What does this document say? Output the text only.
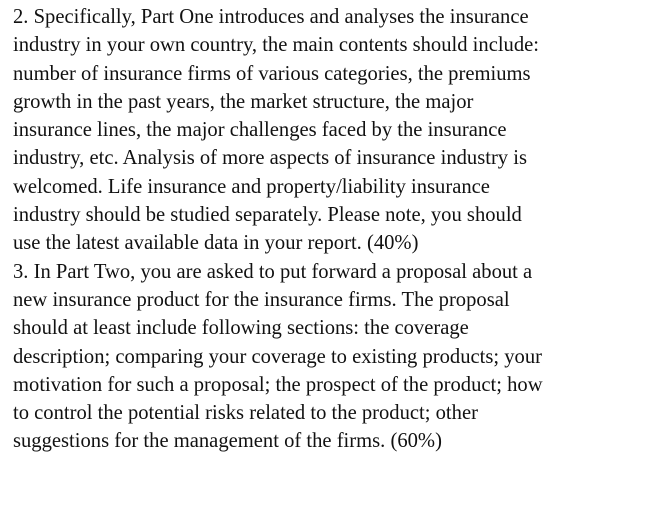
2. Specifically, Part One introduces and analyses the insurance
industry in your own country, the main contents should include:
number of insurance firms of various categories, the premiums
growth in the past years, the market structure, the major
insurance lines, the major challenges faced by the insurance
industry, etc. Analysis of more aspects of insurance industry is
welcomed. Life insurance and property/liability insurance
industry should be studied separately. Please note, you should
use the latest available data in your report. (40%)
3. In Part Two, you are asked to put forward a proposal about a
new insurance product for the insurance firms. The proposal
should at least include following sections: the coverage
description; comparing your coverage to existing products; your
motivation for such a proposal; the prospect of the product; how
to control the potential risks related to the product; other
suggestions for the management of the firms. (60%)
